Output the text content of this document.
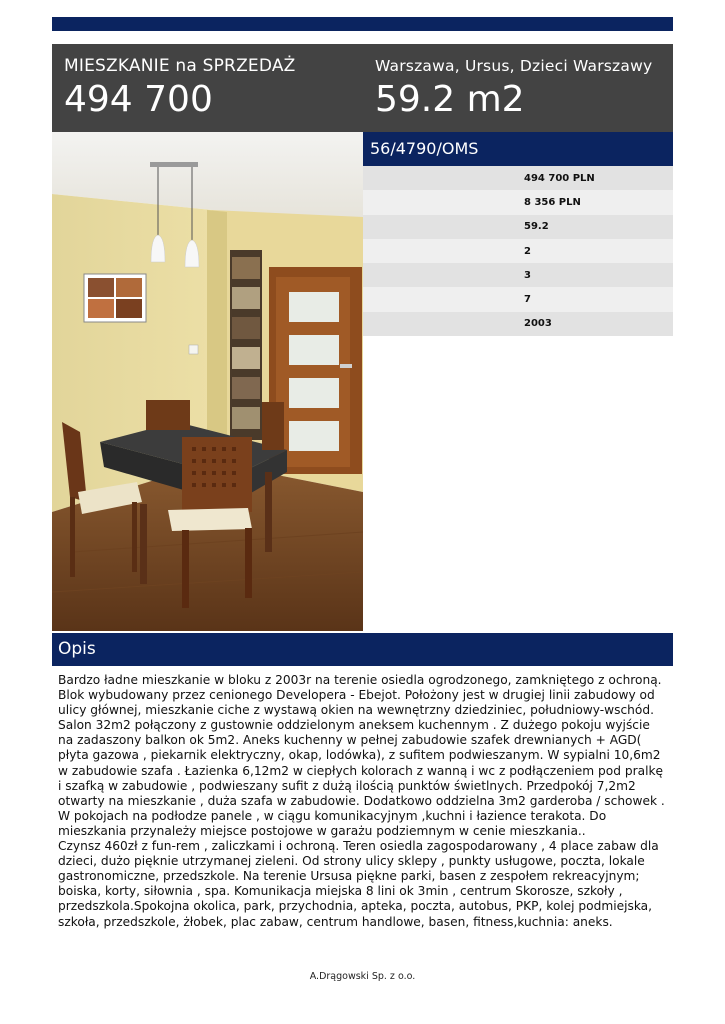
MIESZKANIE na SPRZEDAŻ
494 700
Warszawa, Ursus, Dzieci Warszawy
59.2 m2
56/4790/OMS
494 700 PLN
8 356 PLN
59.2
2
3
7
2003
Opis
Bardzo ładne mieszkanie w bloku z 2003r na terenie osiedla ogrodzonego, zamkniętego z ochroną.
Blok wybudowany przez cenionego Developera - Ebejot. Położony jest w drugiej linii zabudowy od
ulicy głównej, mieszkanie ciche z wystawą okien na wewnętrzny dziedziniec, południowy-wschód.
Salon 32m2 połączony z gustownie oddzielonym aneksem kuchennym . Z dużego pokoju wyjście
na zadaszony balkon ok 5m2. Aneks kuchenny w pełnej zabudowie szafek drewnianych + AGD(
płyta gazowa , piekarnik elektryczny, okap, lodówka), z sufitem podwieszanym. W sypialni 10,6m2
w zabudowie szafa . Łazienka 6,12m2 w ciepłych kolorach z wanną i wc z podłączeniem pod pralkę
i szafką w zabudowie , podwieszany sufit z dużą ilością punktów świetlnych. Przedpokój 7,2m2
otwarty na mieszkanie , duża szafa w zabudowie. Dodatkowo oddzielna 3m2 garderoba / schowek .
W pokojach na podłodze panele , w ciągu komunikacyjnym ,kuchni i łazience terakota. Do
mieszkania przynależy miejsce postojowe w garażu podziemnym w cenie mieszkania..
Czynsz 460zł z fun-rem , zaliczkami i ochroną. Teren osiedla zagospodarowany , 4 place zabaw dla
dzieci, dużo pięknie utrzymanej zieleni. Od strony ulicy sklepy , punkty usługowe, poczta, lokale
gastronomiczne, przedszkole. Na terenie Ursusa piękne parki, basen z zespołem rekreacyjnym;
boiska, korty, siłownia , spa. Komunikacja miejska 8 lini ok 3min , centrum Skorosze, szkoły ,
przedszkola.Spokojna okolica, park, przychodnia, apteka, poczta, autobus, PKP, kolej podmiejska,
szkoła, przedszkole, żłobek, plac zabaw, centrum handlowe, basen, fitness,kuchnia: aneks.
A.Drągowski Sp. z o.o.
